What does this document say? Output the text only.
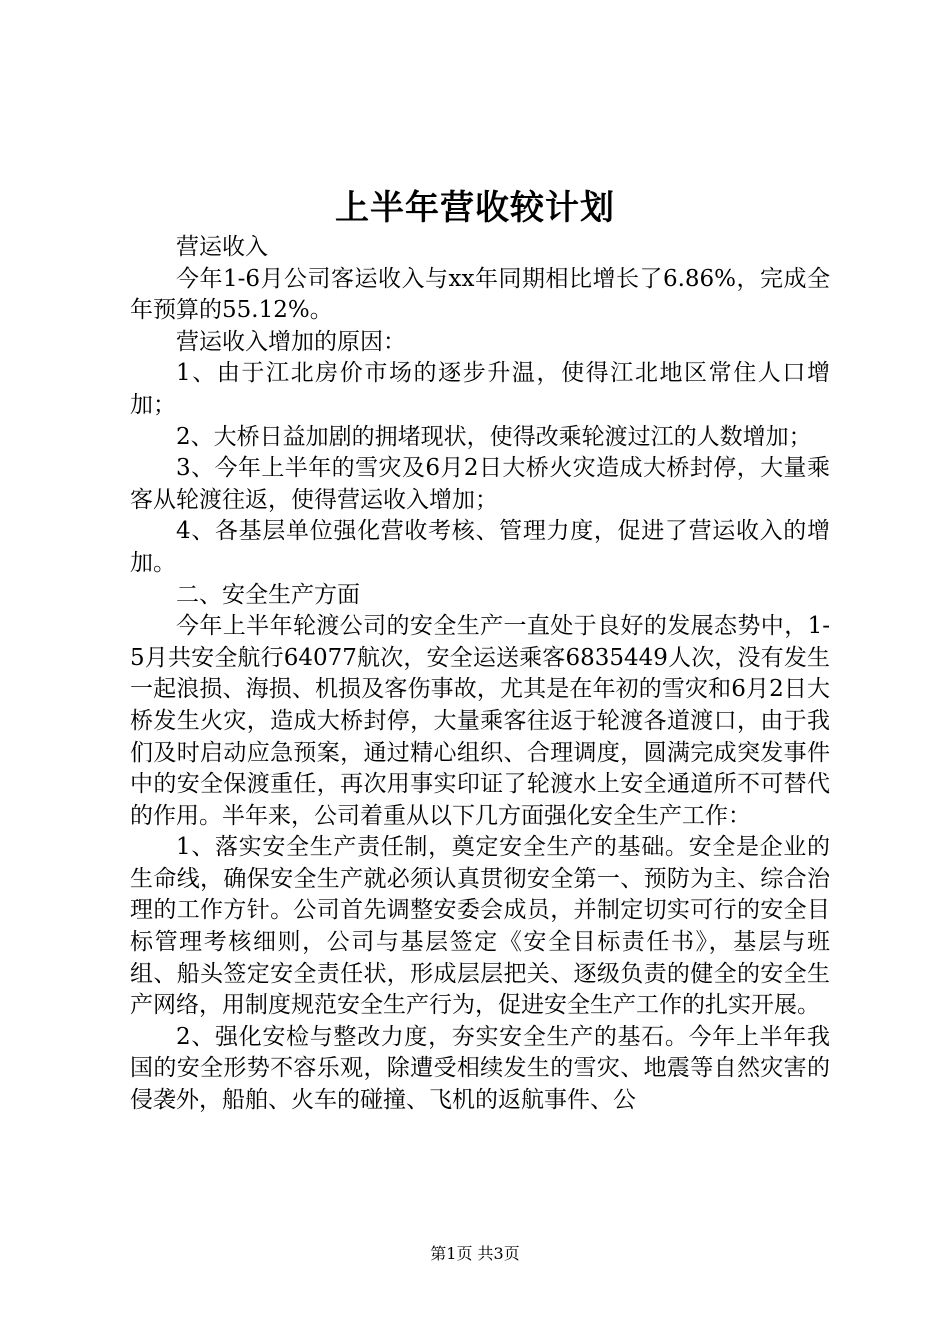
上半年营收较计划

营运收入

今年1-6月公司客运收入与xx年同期相比增长了6.86%，完成全年预算的55.12%。

营运收入增加的原因：

1、由于江北房价市场的逐步升温，使得江北地区常住人口增加；

2、大桥日益加剧的拥堵现状，使得改乘轮渡过江的人数增加；

3、今年上半年的雪灾及6月2日大桥火灾造成大桥封停，大量乘客从轮渡往返，使得营运收入增加；

4、各基层单位强化营收考核、管理力度，促进了营运收入的增加。

二、安全生产方面

今年上半年轮渡公司的安全生产一直处于良好的发展态势中，1-5月共安全航行64077航次，安全运送乘客6835449人次，没有发生一起浪损、海损、机损及客伤事故，尤其是在年初的雪灾和6月2日大桥发生火灾，造成大桥封停，大量乘客往返于轮渡各道渡口，由于我们及时启动应急预案，通过精心组织、合理调度，圆满完成突发事件中的安全保渡重任，再次用事实印证了轮渡水上安全通道所不可替代的作用。半年来，公司着重从以下几方面强化安全生产工作：

1、落实安全生产责任制，奠定安全生产的基础。安全是企业的生命线，确保安全生产就必须认真贯彻安全第一、预防为主、综合治理的工作方针。公司首先调整安委会成员，并制定切实可行的安全目标管理考核细则，公司与基层签定《安全目标责任书》，基层与班组、船头签定安全责任状，形成层层把关、逐级负责的健全的安全生产网络，用制度规范安全生产行为，促进安全生产工作的扎实开展。

2、强化安检与整改力度，夯实安全生产的基石。今年上半年我国的安全形势不容乐观，除遭受相续发生的雪灾、地震等自然灾害的侵袭外，船舶、火车的碰撞、飞机的返航事件、公

第1页 共3页
